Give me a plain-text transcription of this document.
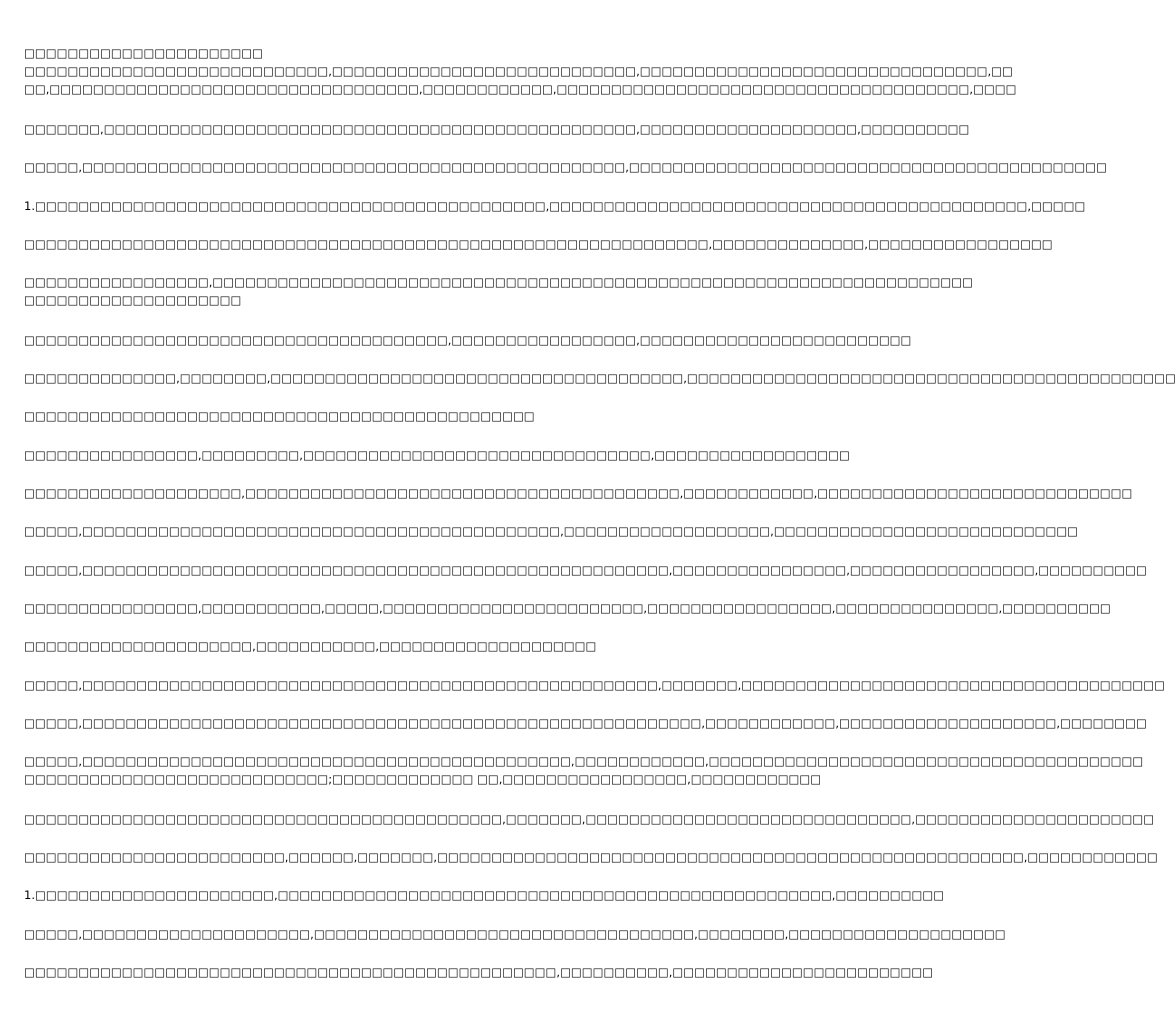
□□□□□□□□□□□□□□□□□□□□□□
□□□□□□□□□□□□□□□□□□□□□□□□□□□□,□□□□□□□□□□□□□□□□□□□□□□□□□□□□,□□□□□□□□□□□□□□□□□□□□□□□□□□□□□□□□,□□
□□,□□□□□□□□□□□□□□□□□□□□□□□□□□□□□□□□□□,□□□□□□□□□□□□,□□□□□□□□□□□□□□□□□□□□□□□□□□□□□□□□□□□□□□,□□□□
□□□□□□□,□□□□□□□□□□□□□□□□□□□□□□□□□□□□□□□□□□□□□□□□□□□□□□□□□,□□□□□□□□□□□□□□□□□□□□,□□□□□□□□□□
□□□□□,□□□□□□□□□□□□□□□□□□□□□□□□□□□□□□□□□□□□□□□□□□□□□□□□□□,□□□□□□□□□□□□□□□□□□□□□□□□□□□□□□□□□□□□□□□□□□□□
1.□□□□□□□□□□□□□□□□□□□□□□□□□□□□□□□□□□□□□□□□□□□□□□□,□□□□□□□□□□□□□□□□□□□□□□□□□□□□□□□□□□□□□□□□□□□□,□□□□□
□□□□□□□□□□□□□□□□□□□□□□□□□□□□□□□□□□□□□□□□□□□□□□□□□□□□□□□□□□□□□□□,□□□□□□□□□□□□□□,□□□□□□□□□□□□□□□□□
□□□□□□□□□□□□□□□□□,□□□□□□□□□□□□□□□□□□□□□□□□□□□□□□□□□□□□□□□□□□□□□□□□□□□□□□□□□□□□□□□□□□□□□□
□□□□□□□□□□□□□□□□□□□□
□□□□□□□□□□□□□□□□□□□□□□□□□□□□□□□□□□□□□□□,□□□□□□□□□□□□□□□□□,□□□□□□□□□□□□□□□□□□□□□□□□□
□□□□□□□□□□□□□□,□□□□□□□□,□□□□□□□□□□□□□□□□□□□□□□□□□□□□□□□□□□□□□□,□□□□□□□□□□□□□□□□□□□□□□□□□□□□□□□□□□□□□□□□□□□□□
□□□□□□□□□□□□□□□□□□□□□□□□□□□□□□□□□□□□□□□□□□□□□□□
□□□□□□□□□□□□□□□□,□□□□□□□□□,□□□□□□□□□□□□□□□□□□□□□□□□□□□□□□□□,□□□□□□□□□□□□□□□□□□
□□□□□□□□□□□□□□□□□□□□,□□□□□□□□□□□□□□□□□□□□□□□□□□□□□□□□□□□□□□□□,□□□□□□□□□□□□,□□□□□□□□□□□□□□□□□□□□□□□□□□□□□
□□□□□,□□□□□□□□□□□□□□□□□□□□□□□□□□□□□□□□□□□□□□□□□□□□,□□□□□□□□□□□□□□□□□□□,□□□□□□□□□□□□□□□□□□□□□□□□□□□□
□□□□□,□□□□□□□□□□□□□□□□□□□□□□□□□□□□□□□□□□□□□□□□□□□□□□□□□□□□□□,□□□□□□□□□□□□□□□□,□□□□□□□□□□□□□□□□□,□□□□□□□□□□
□□□□□□□□□□□□□□□□,□□□□□□□□□□□,□□□□□,□□□□□□□□□□□□□□□□□□□□□□□□,□□□□□□□□□□□□□□□□□,□□□□□□□□□□□□□□□,□□□□□□□□□□
□□□□□□□□□□□□□□□□□□□□□,□□□□□□□□□□□,□□□□□□□□□□□□□□□□□□□□
□□□□□,□□□□□□□□□□□□□□□□□□□□□□□□□□□□□□□□□□□□□□□□□□□□□□□□□□□□□,□□□□□□□,□□□□□□□□□□□□□□□□□□□□□□□□□□□□□□□□□□□□□□□
□□□□□,□□□□□□□□□□□□□□□□□□□□□□□□□□□□□□□□□□□□□□□□□□□□□□□□□□□□□□□□□,□□□□□□□□□□□□,□□□□□□□□□□□□□□□□□□□□,□□□□□□□□
□□□□□,□□□□□□□□□□□□□□□□□□□□□□□□□□□□□□□□□□□□□□□□□□□□□,□□□□□□□□□□□□,□□□□□□□□□□□□□□□□□□□□□□□□□□□□□□□□□□□□□□□□
□□□□□□□□□□□□□□□□□□□□□□□□□□□□;□□□□□□□□□□□□□ □□,□□□□□□□□□□□□□□□□□,□□□□□□□□□□□□
□□□□□□□□□□□□□□□□□□□□□□□□□□□□□□□□□□□□□□□□□□□□,□□□□□□□,□□□□□□□□□□□□□□□□□□□□□□□□□□□□□□,□□□□□□□□□□□□□□□□□□□□□□
□□□□□□□□□□□□□□□□□□□□□□□□,□□□□□□,□□□□□□□,□□□□□□□□□□□□□□□□□□□□□□□□□□□□□□□□□□□□□□□□□□□□□□□□□□□□□□,□□□□□□□□□□□□
1.□□□□□□□□□□□□□□□□□□□□□□,□□□□□□□□□□□□□□□□□□□□□□□□□□□□□□□□□□□□□□□□□□□□□□□□□□□,□□□□□□□□□□
□□□□□,□□□□□□□□□□□□□□□□□□□□□,□□□□□□□□□□□□□□□□□□□□□□□□□□□□□□□□□□□,□□□□□□□□,□□□□□□□□□□□□□□□□□□□□
□□□□□□□□□□□□□□□□□□□□□□□□□□□□□□□□□□□□□□□□□□□□□□□□□,□□□□□□□□□□,□□□□□□□□□□□□□□□□□□□□□□□□
